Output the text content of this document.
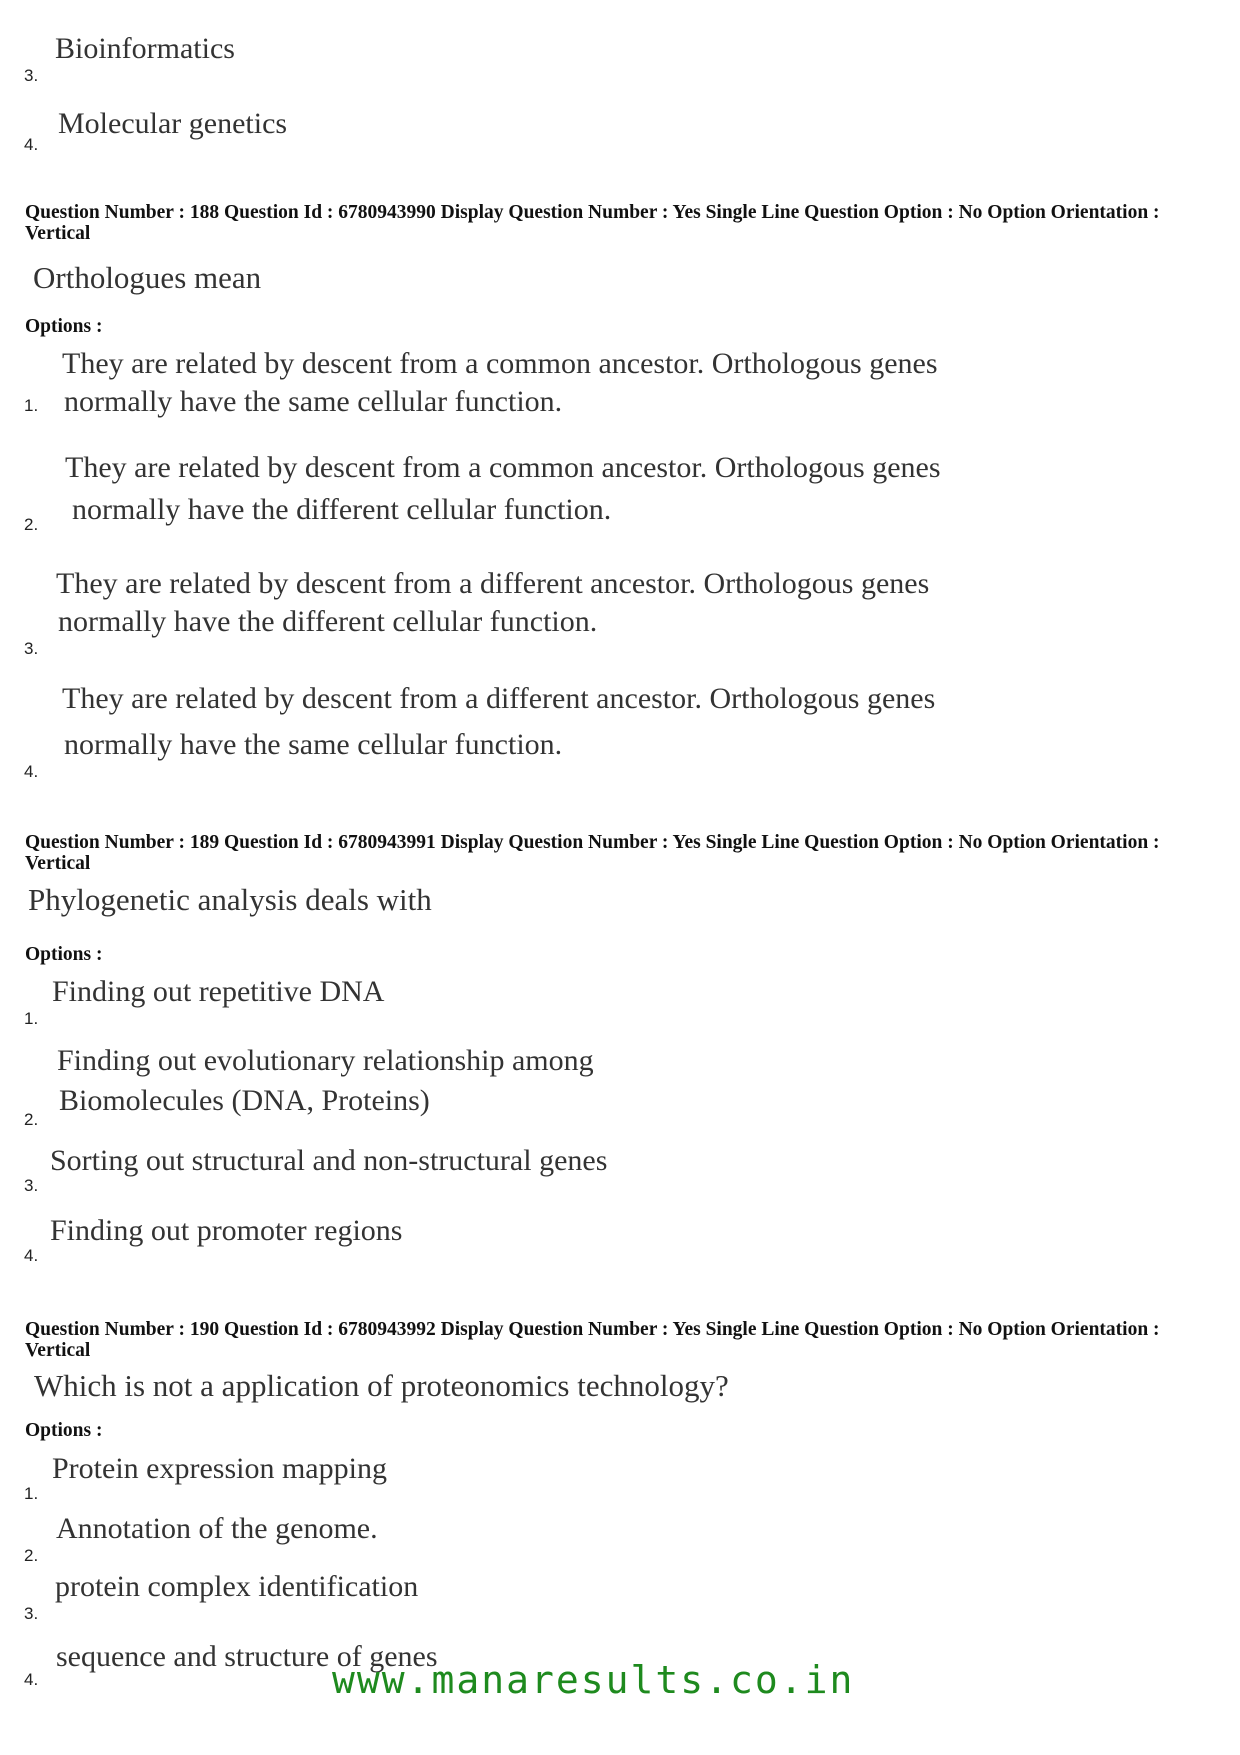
Bioinformatics
3.
Molecular genetics
4.
Question Number : 188 Question Id : 6780943990 Display Question Number : Yes Single Line Question Option : No Option Orientation : Vertical
Orthologues mean
Options :
They are related by descent from a common ancestor. Orthologous genes
normally have the same cellular function.
1.
They are related by descent from a common ancestor. Orthologous genes
normally have the different cellular function.
2.
They are related by descent from a different ancestor. Orthologous genes
normally have the different cellular function.
3.
They are related by descent from a different ancestor. Orthologous genes
normally have the same cellular function.
4.
Question Number : 189 Question Id : 6780943991 Display Question Number : Yes Single Line Question Option : No Option Orientation : Vertical
Phylogenetic analysis deals with
Options :
Finding out repetitive DNA
1.
Finding out evolutionary relationship among
Biomolecules (DNA, Proteins)
2.
Sorting out structural and non-structural genes
3.
Finding out promoter regions
4.
Question Number : 190 Question Id : 6780943992 Display Question Number : Yes Single Line Question Option : No Option Orientation : Vertical
Which is not a application of proteonomics technology?
Options :
Protein expression mapping
1.
Annotation of the genome.
2.
protein complex identification
3.
sequence and structure of genes
4.	www.manaresults.co.in
